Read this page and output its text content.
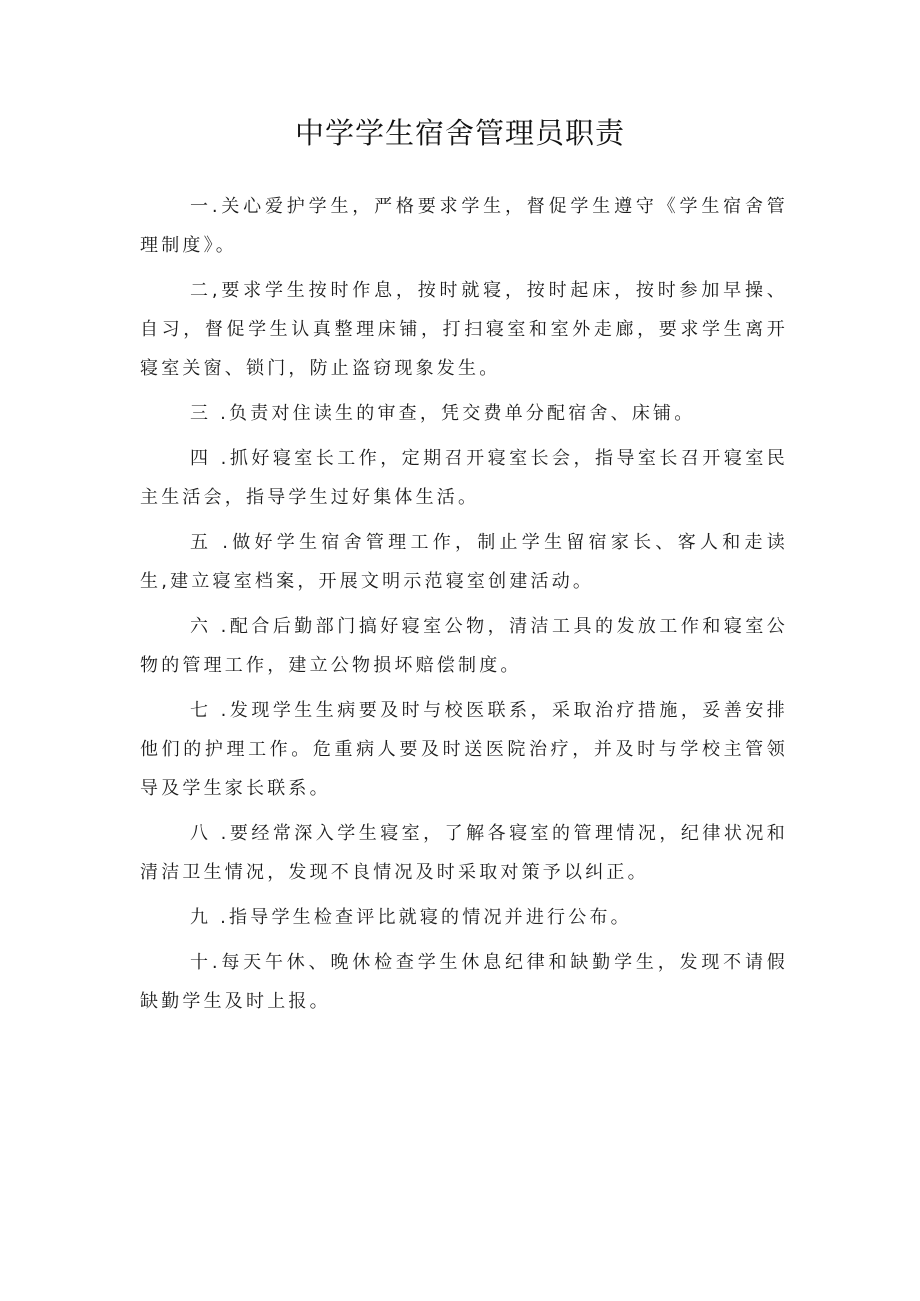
中学学生宿舍管理员职责

一.关心爱护学生，严格要求学生，督促学生遵守《学生宿舍管理制度》。

二,要求学生按时作息，按时就寝，按时起床，按时参加早操、自习，督促学生认真整理床铺，打扫寝室和室外走廊，要求学生离开寝室关窗、锁门，防止盗窃现象发生。

三 .负责对住读生的审查，凭交费单分配宿舍、床铺。

四 .抓好寝室长工作，定期召开寝室长会，指导室长召开寝室民主生活会，指导学生过好集体生活。

五 .做好学生宿舍管理工作，制止学生留宿家长、客人和走读生,建立寝室档案，开展文明示范寝室创建活动。

六 .配合后勤部门搞好寝室公物，清洁工具的发放工作和寝室公物的管理工作，建立公物损坏赔偿制度。

七 .发现学生生病要及时与校医联系，采取治疗措施，妥善安排他们的护理工作。危重病人要及时送医院治疗，并及时与学校主管领导及学生家长联系。

八 .要经常深入学生寝室，了解各寝室的管理情况，纪律状况和清洁卫生情况，发现不良情况及时采取对策予以纠正。

九 .指导学生检查评比就寝的情况并进行公布。

十.每天午休、晚休检查学生休息纪律和缺勤学生，发现不请假缺勤学生及时上报。
